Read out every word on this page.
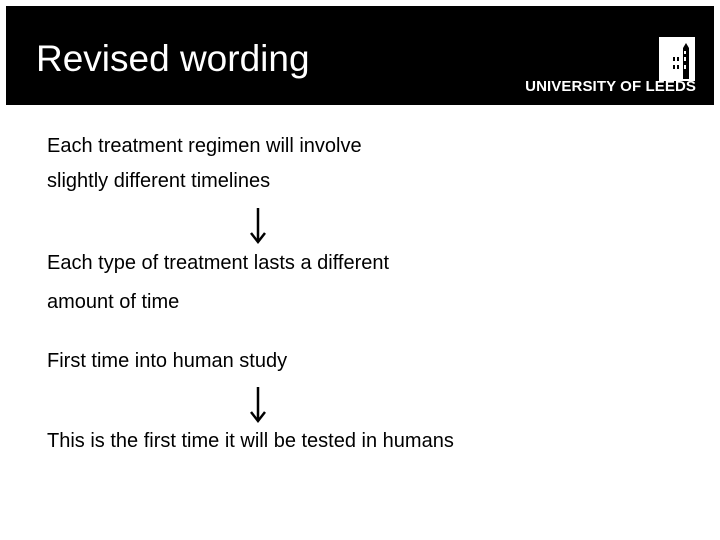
Revised wording
UNIVERSITY OF LEEDS
Each treatment regimen will involve
slightly different timelines
Each type of treatment lasts a different
amount of time
First time into human study
This is the first time it will be tested in humans
